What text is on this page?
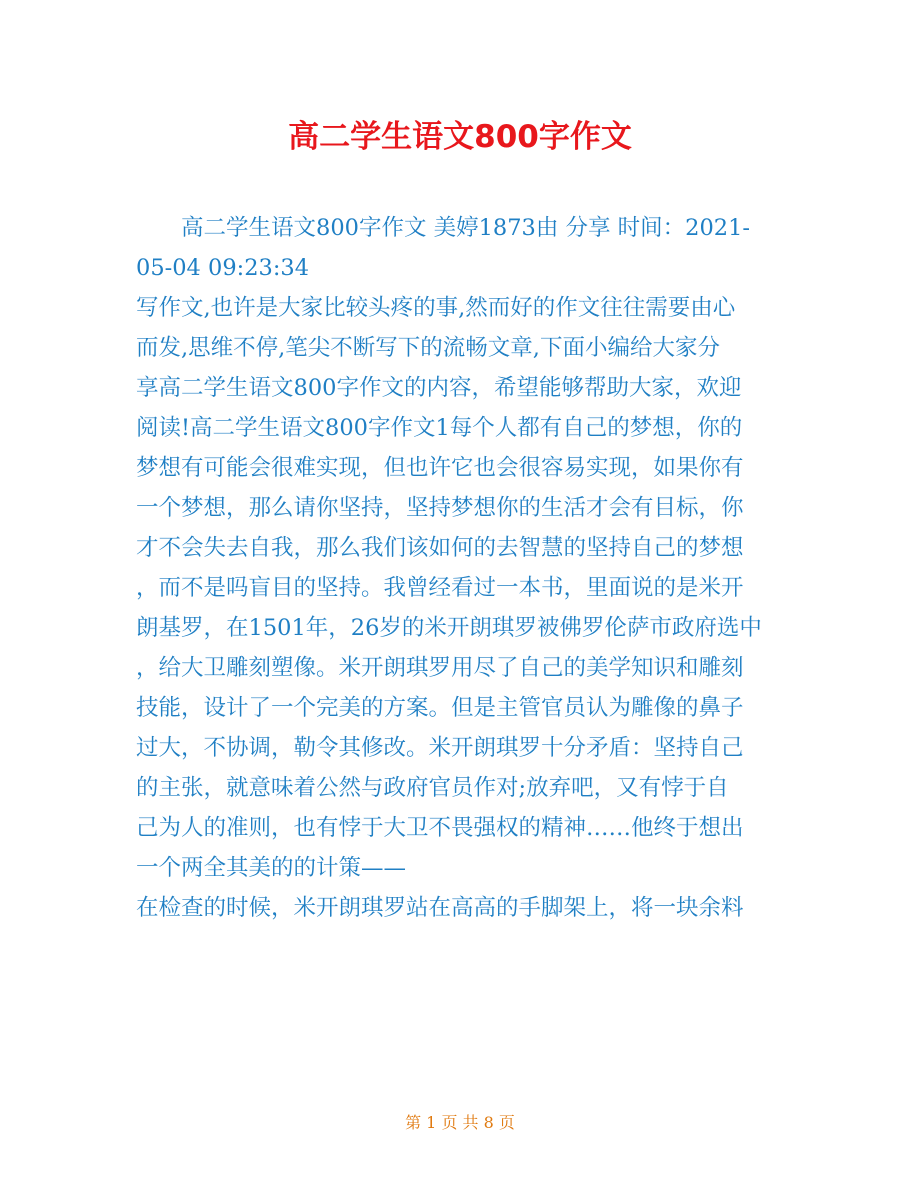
高二学生语文800字作文
高二学生语文800字作文 美婷1873由 分享 时间：2021-
05-04 09:23:34
写作文,也许是大家比较头疼的事,然而好的作文往往需要由心
而发,思维不停,笔尖不断写下的流畅文章,下面小编给大家分
享高二学生语文800字作文的内容，希望能够帮助大家，欢迎
阅读!高二学生语文800字作文1每个人都有自己的梦想，你的
梦想有可能会很难实现，但也许它也会很容易实现，如果你有
一个梦想，那么请你坚持，坚持梦想你的生活才会有目标，你
才不会失去自我，那么我们该如何的去智慧的坚持自己的梦想
，而不是吗盲目的坚持。我曾经看过一本书，里面说的是米开
朗基罗，在1501年，26岁的米开朗琪罗被佛罗伦萨市政府选中
，给大卫雕刻塑像。米开朗琪罗用尽了自己的美学知识和雕刻
技能，设计了一个完美的方案。但是主管官员认为雕像的鼻子
过大，不协调，勒令其修改。米开朗琪罗十分矛盾：坚持自己
的主张，就意味着公然与政府官员作对;放弃吧，又有悖于自
己为人的准则，也有悖于大卫不畏强权的精神……他终于想出
一个两全其美的的计策——
在检查的时候，米开朗琪罗站在高高的手脚架上，将一块余料
第 1 页 共 8 页
